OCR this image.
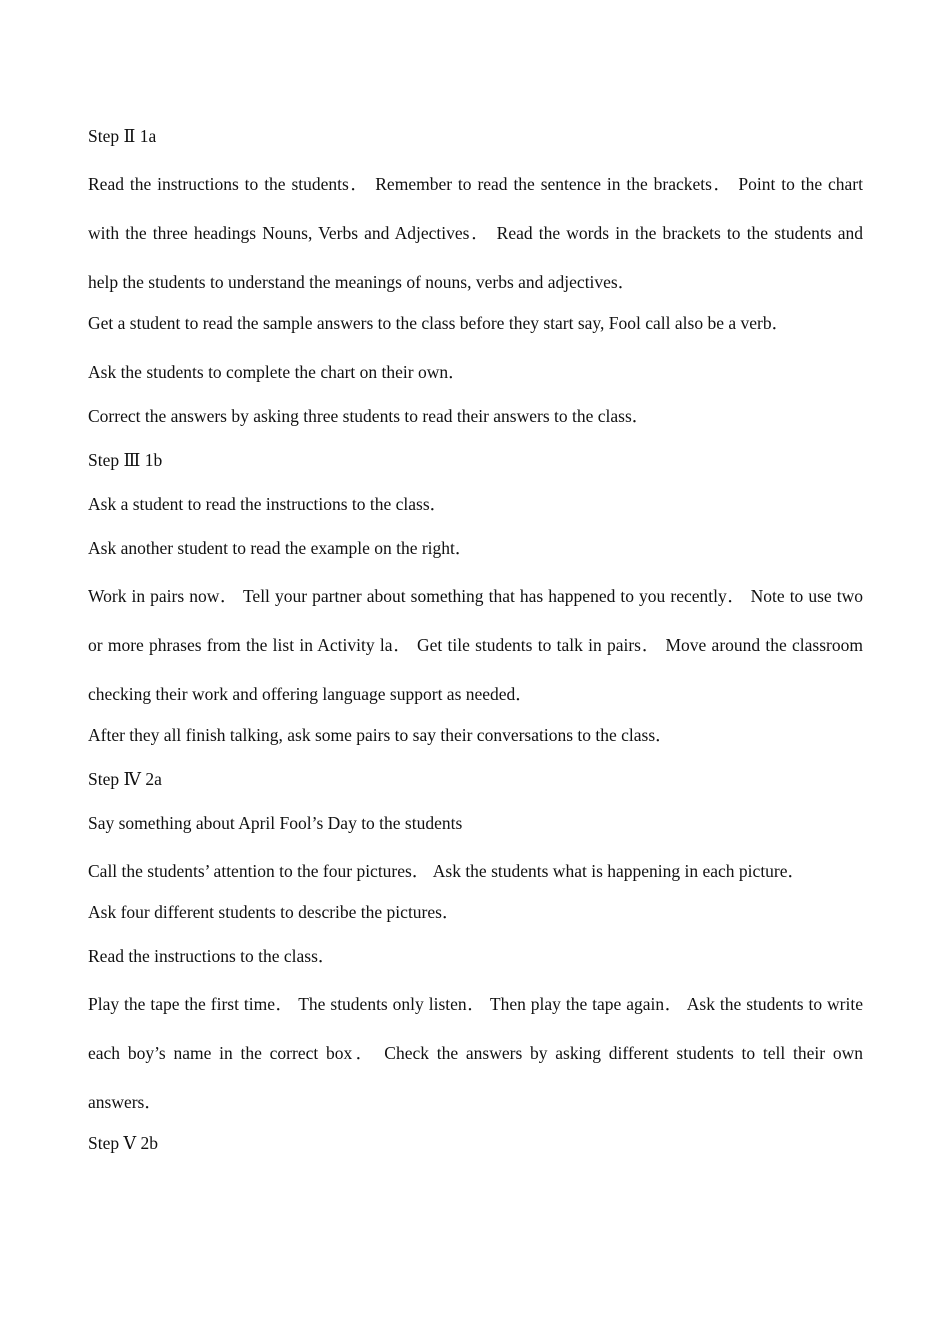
Step Ⅱ 1a
Read the instructions to the students． Remember to read the sentence in the brackets． Point to the chart with the three headings Nouns, Verbs and Adjectives． Read the words in the brackets to the students and help the students to understand the meanings of nouns, verbs and adjectives．
Get a student to read the sample answers to the class before they start say, Fool call also be a verb．
Ask the students to complete the chart on their own．
Correct the answers by asking three students to read their answers to the class．
Step Ⅲ 1b
Ask a student to read the instructions to the class．
Ask another student to read the example on the right．
Work in pairs now． Tell your partner about something that has happened to you recently． Note to use two or more phrases from the list in Activity la． Get tile students to talk in pairs． Move around the classroom checking their work and offering language support as needed．
After they all finish talking, ask some pairs to say their conversations to the class．
Step Ⅳ 2a
Say something about April Fool’s Day to the students
Call the students’ attention to the four pictures． Ask the students what is happening in each picture．
Ask four different students to describe the pictures．
Read the instructions to the class．
Play the tape the first time． The students only listen． Then play the tape again． Ask the students to write each boy’s name in the correct box． Check the answers by asking different students to tell their own answers．
Step Ⅴ 2b
